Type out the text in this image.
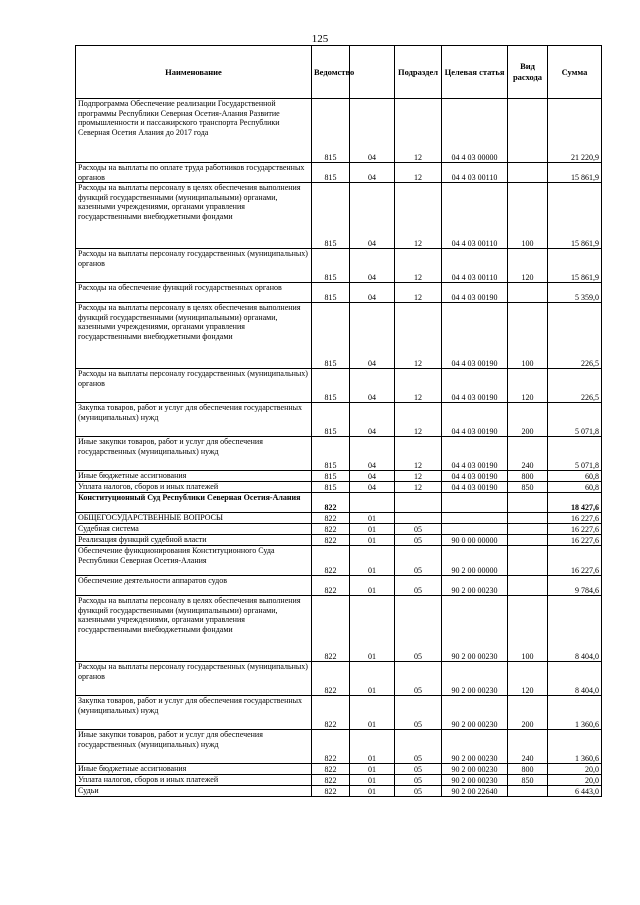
125
Наименование	Ведомство		Подраздел	Целевая статья	Вид расхода	Сумма
Подпрограмма Обеспечение реализации Государственной программы Республики Северная Осетия-Алания Развитие промышленности и пассажирского транспорта Республики Северная Осетия Алания до 2017 года	815	04	12	04 4 03 00000		21 220,9
Расходы на выплаты по оплате труда работников государственных органов	815	04	12	04 4 03 00110		15 861,9
Расходы на выплаты персоналу в целях обеспечения выполнения функций государственными (муниципальными) органами, казенными учреждениями, органами управления государственными внебюджетными фондами	815	04	12	04 4 03 00110	100	15 861,9
Расходы на выплаты персоналу государственных (муниципальных) органов	815	04	12	04 4 03 00110	120	15 861,9
Расходы на обеспечение функций государственных органов	815	04	12	04 4 03 00190		5 359,0
Расходы на выплаты персоналу в целях обеспечения выполнения функций государственными (муниципальными) органами, казенными учреждениями, органами управления государственными внебюджетными фондами	815	04	12	04 4 03 00190	100	226,5
Расходы на выплаты персоналу государственных (муниципальных) органов	815	04	12	04 4 03 00190	120	226,5
Закупка товаров, работ и услуг для обеспечения государственных (муниципальных) нужд	815	04	12	04 4 03 00190	200	5 071,8
Иные закупки товаров, работ и услуг для обеспечения государственных (муниципальных) нужд	815	04	12	04 4 03 00190	240	5 071,8
Иные бюджетные ассигнования	815	04	12	04 4 03 00190	800	60,8
Уплата налогов, сборов и иных платежей	815	04	12	04 4 03 00190	850	60,8
Конституционный Суд Республики Северная Осетия-Алания	822					18 427,6
ОБЩЕГОСУДАРСТВЕННЫЕ ВОПРОСЫ	822	01				16 227,6
Судебная система	822	01	05			16 227,6
Реализация функций судебной власти	822	01	05	90 0 00 00000		16 227,6
Обеспечение функционирования Конституционного Суда Республики Северная Осетия-Алания	822	01	05	90 2 00 00000		16 227,6
Обеспечение деятельности аппаратов судов	822	01	05	90 2 00 00230		9 784,6
Расходы на выплаты персоналу в целях обеспечения выполнения функций государственными (муниципальными) органами, казенными учреждениями, органами управления государственными внебюджетными фондами	822	01	05	90 2 00 00230	100	8 404,0
Расходы на выплаты персоналу государственных (муниципальных) органов	822	01	05	90 2 00 00230	120	8 404,0
Закупка товаров, работ и услуг для обеспечения государственных (муниципальных) нужд	822	01	05	90 2 00 00230	200	1 360,6
Иные закупки товаров, работ и услуг для обеспечения государственных (муниципальных) нужд	822	01	05	90 2 00 00230	240	1 360,6
Иные бюджетные ассигнования	822	01	05	90 2 00 00230	800	20,0
Уплата налогов, сборов и иных платежей	822	01	05	90 2 00 00230	850	20,0
Судьи	822	01	05	90 2 00 22640		6 443,0
